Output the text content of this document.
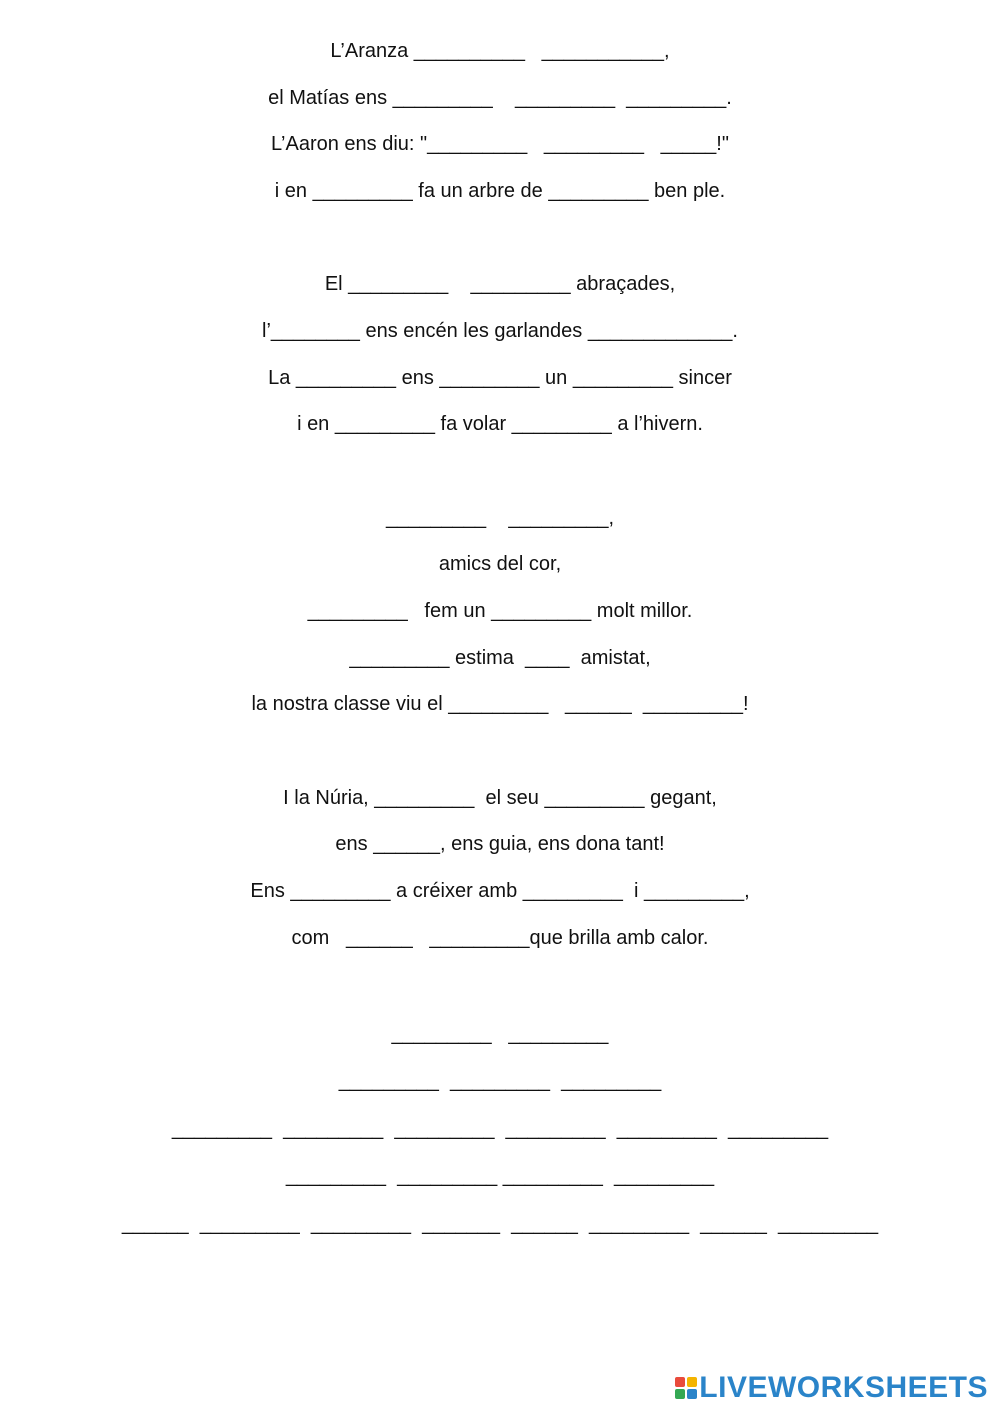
L’Aranza __________   ___________,
el Matías ens _________    _________  _________.
L’Aaron ens diu: "_________   _________   _____!"
i en _________ fa un arbre de _________ ben ple.
El _________    _________ abraçades,
l’________ ens encén les garlandes _____________.
La _________ ens _________ un _________ sincer
i en _________ fa volar _________ a l’hivern.
_________    _________,
amics del cor,
_________   fem un _________ molt millor.
_________ estima  ____  amistat,
la nostra classe viu el _________   ______  _________!
I la Núria, _________  el seu _________ gegant,
ens ______, ens guia, ens dona tant!
Ens _________ a créixer amb _________  i _________,
com   ______   _________que brilla amb calor.
_________   _________
_________  _________  _________
_________  _________  _________  _________  _________  _________
_________  _________ _________  _________
______  _________  _________  _______  ______  _________  ______  _________
LIVEWORKSHEETS
